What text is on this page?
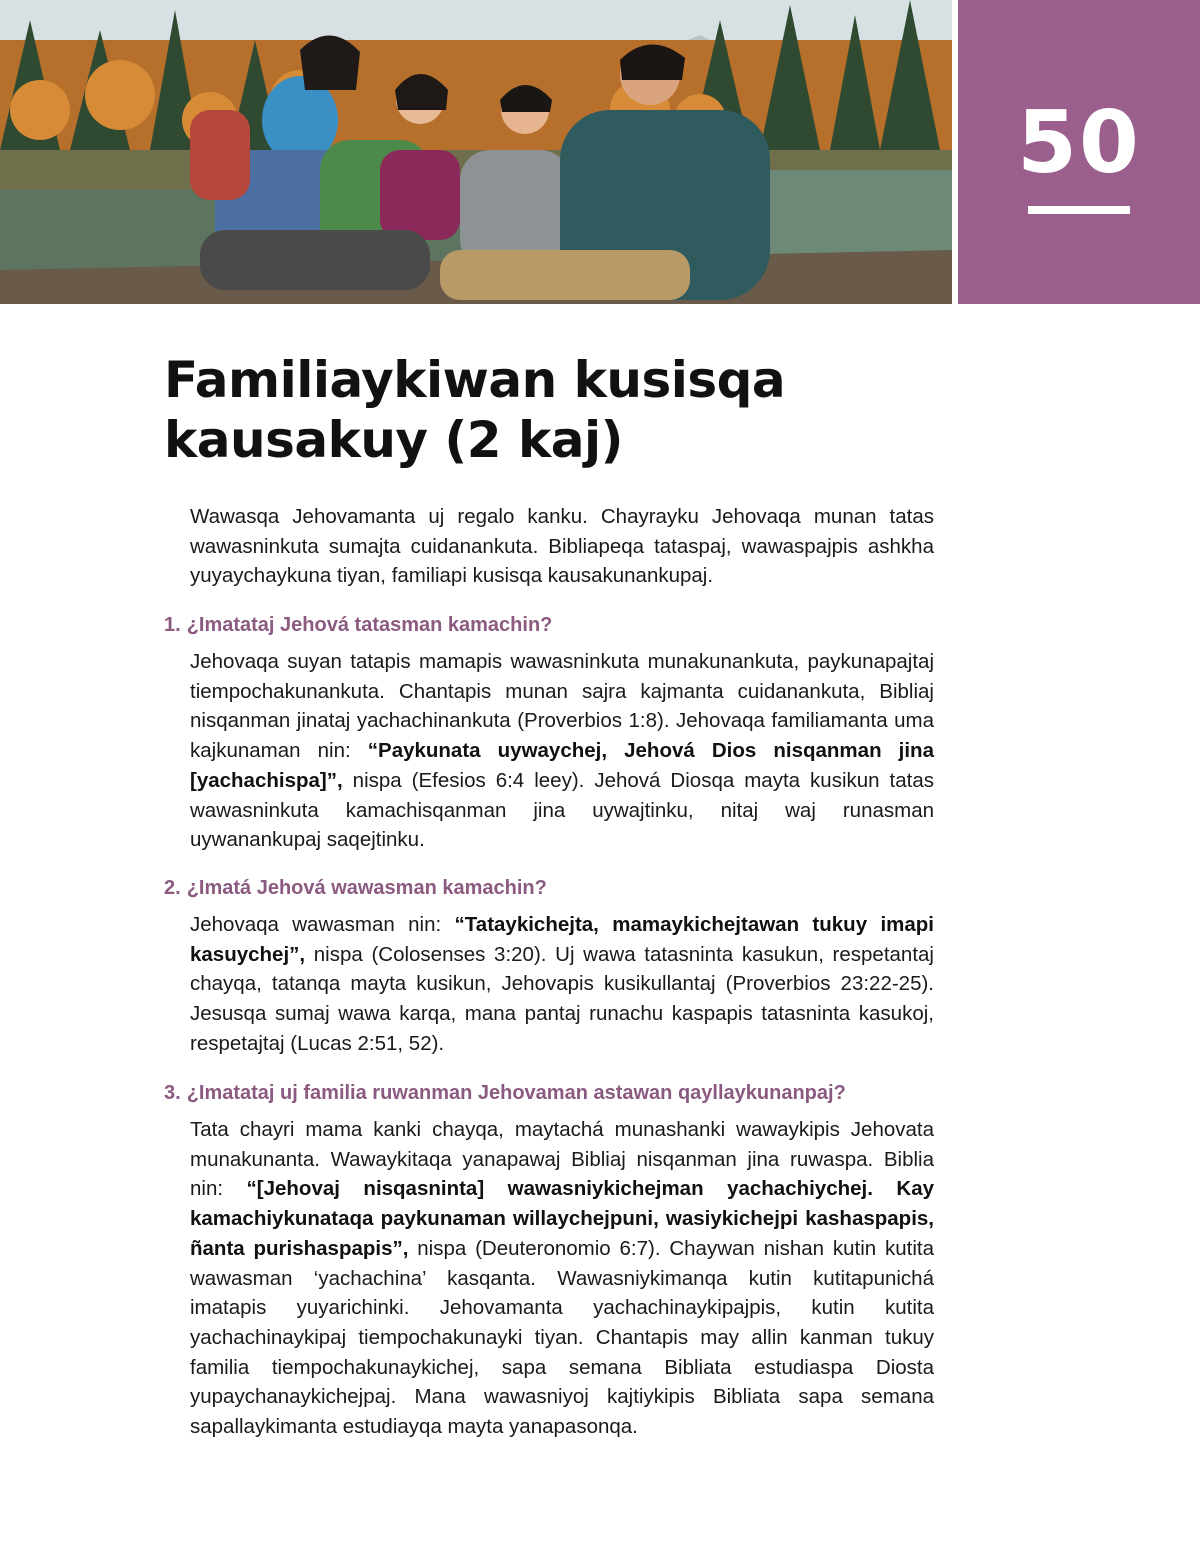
50
Familiaykiwan kusisqa
kausakuy (2 kaj)

Wawasqa Jehovamanta uj regalo kanku. Chayrayku Jehovaqa munan tatas wawasninkuta sumajta cuidanankuta. Bibliapeqa tataspaj, wawaspajpis ashkha yuyaychaykuna tiyan, familiapi kusisqa kausakunankupaj.

1. ¿Imatataj Jehová tatasman kamachin?

Jehovaqa suyan tatapis mamapis wawasninkuta munakunankuta, paykunapajtaj tiempochakunankuta. Chantapis munan sajra kajmanta cuidanankuta, Bibliaj nisqanman jinataj yachachinankuta (Proverbios 1:8). Jehovaqa familiamanta uma kajkunaman nin: “Paykunata uywaychej, Jehová Dios nisqanman jina [yachachispa]”, nispa (Efesios 6:4 leey). Jehová Diosqa mayta kusikun tatas wawasninkuta kamachisqanman jina uywajtinku, nitaj waj runasman uywanankupaj saqejtinku.

2. ¿Imatá Jehová wawasman kamachin?

Jehovaqa wawasman nin: “Tataykichejta, mamaykichejtawan tukuy imapi kasuychej”, nispa (Colosenses 3:20). Uj wawa tatasninta kasukun, respetantaj chayqa, tatanqa mayta kusikun, Jehovapis kusikullantaj (Proverbios 23:22-25). Jesusqa sumaj wawa karqa, mana pantaj runachu kaspapis tatasninta kasukoj, respetajtaj (Lucas 2:51, 52).

3. ¿Imatataj uj familia ruwanman Jehovaman astawan qayllaykunanpaj?

Tata chayri mama kanki chayqa, maytachá munashanki wawaykipis Jehovata munakunanta. Wawaykitaqa yanapawaj Bibliaj nisqanman jina ruwaspa. Biblia nin: “[Jehovaj nisqasninta] wawasniykichejman yachachiychej. Kay kamachiykunataqa paykunaman willaychejpuni, wasiykichejpi kashaspapis, ñanta purishaspapis”, nispa (Deuteronomio 6:7). Chaywan nishan kutin kutita wawasman ‘yachachina’ kasqanta. Wawasniykimanqa kutin kutitapunichá imatapis yuyarichinki. Jehovamanta yachachinaykipajpis, kutin kutita yachachinaykipaj tiempochakunayki tiyan. Chantapis may allin kanman tukuy familia tiempochakunaykichej, sapa semana Bibliata estudiaspa Diosta yupaychanaykichejpaj. Mana wawasniyoj kajtiykipis Bibliata sapa semana sapallaykimanta estudiayqa mayta yanapasonqa.
